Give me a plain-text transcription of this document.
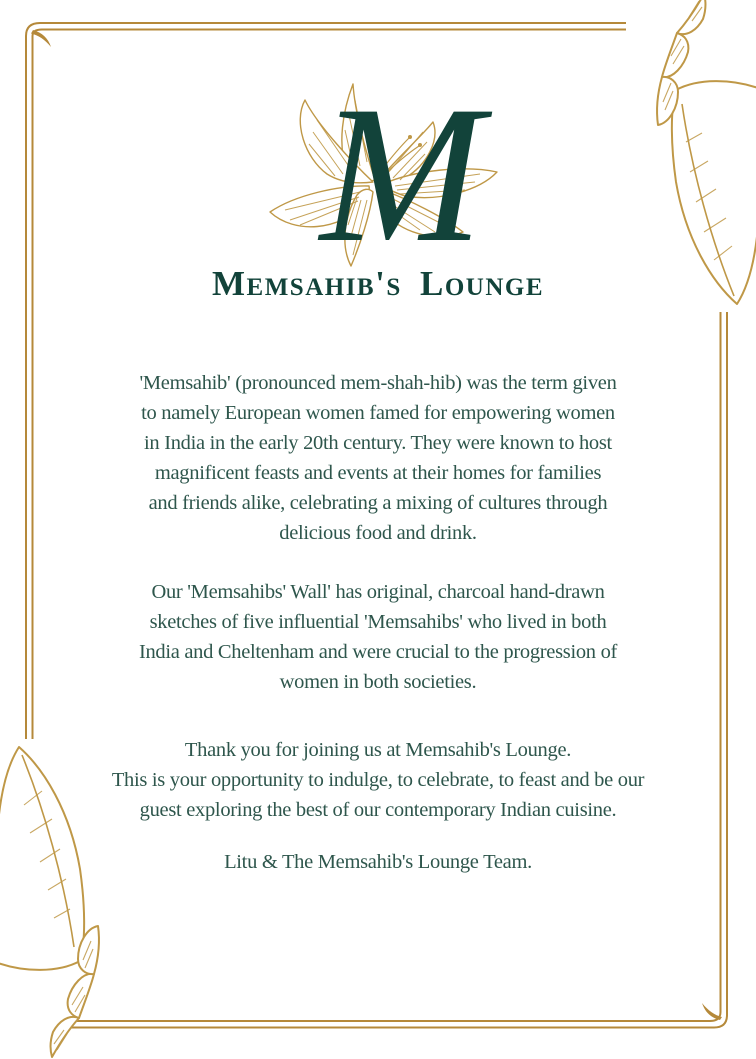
M
Memsahib's Lounge

'Memsahib' (pronounced mem-shah-hib) was the term given
to namely European women famed for empowering women
in India in the early 20th century. They were known to host
magnificent feasts and events at their homes for families
and friends alike, celebrating a mixing of cultures through
delicious food and drink.

Our 'Memsahibs' Wall' has original, charcoal hand-drawn
sketches of five influential 'Memsahibs' who lived in both
India and Cheltenham and were crucial to the progression of
women in both societies.

Thank you for joining us at Memsahib's Lounge.
This is your opportunity to indulge, to celebrate, to feast and be our
guest exploring the best of our contemporary Indian cuisine.

Litu & The Memsahib's Lounge Team.
